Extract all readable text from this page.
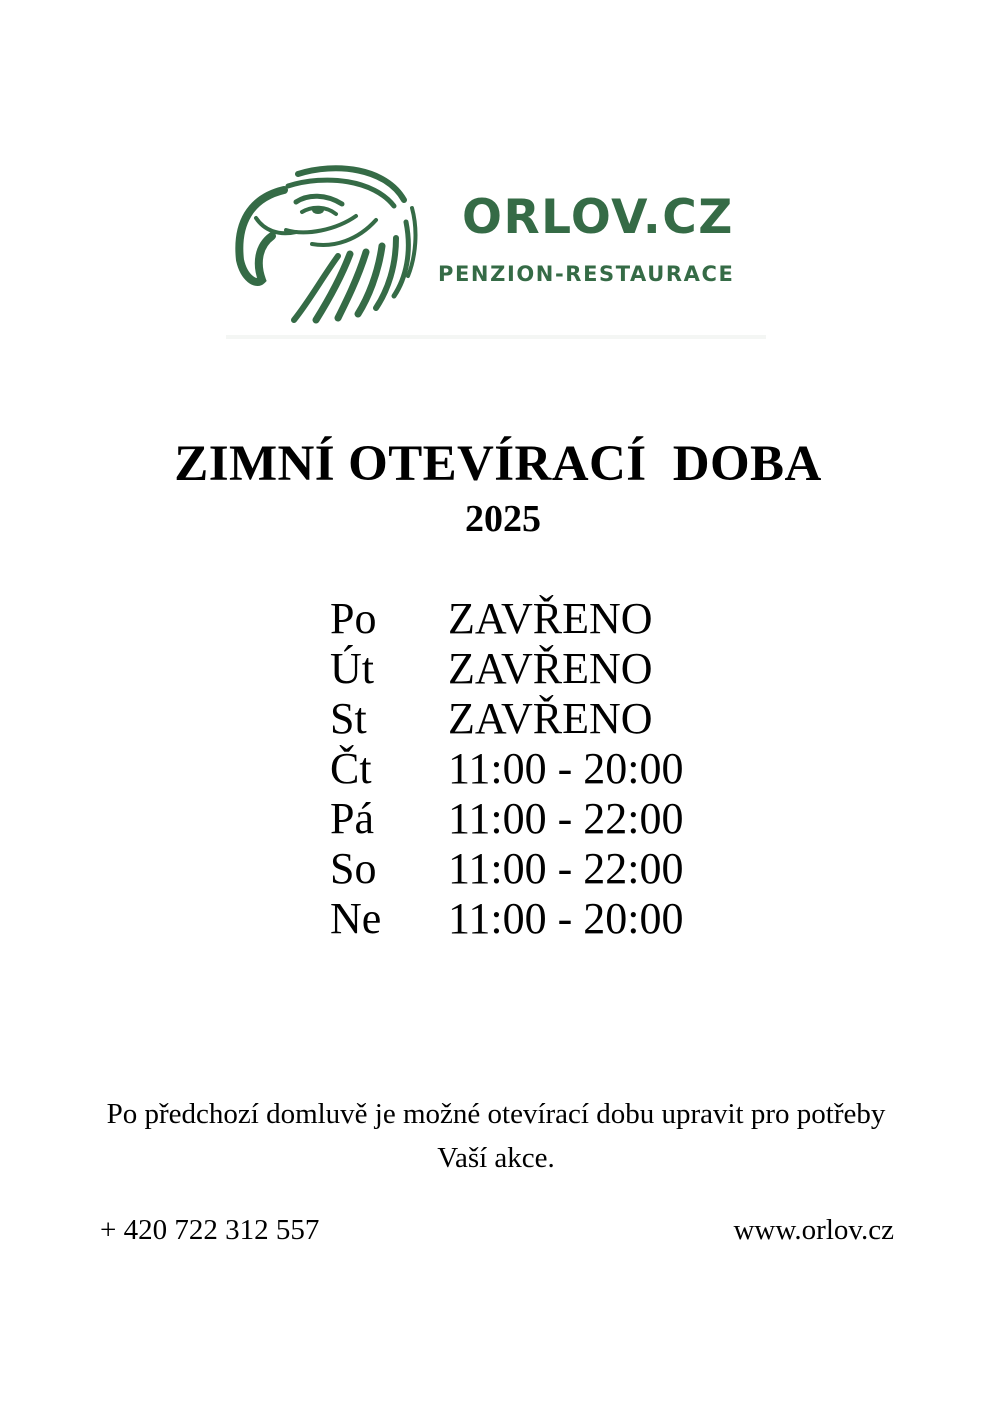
ORLOV.CZ
PENZION-RESTAURACE
ZIMNÍ OTEVÍRACÍ  DOBA
2025
Po	ZAVŘENO
Út	ZAVŘENO
St	ZAVŘENO
Čt	11:00 - 20:00
Pá	11:00 - 22:00
So	11:00 - 22:00
Ne	11:00 - 20:00
Po předchozí domluvě je možné otevírací dobu upravit pro potřeby Vaší akce.
+ 420 722 312 557	www.orlov.cz
